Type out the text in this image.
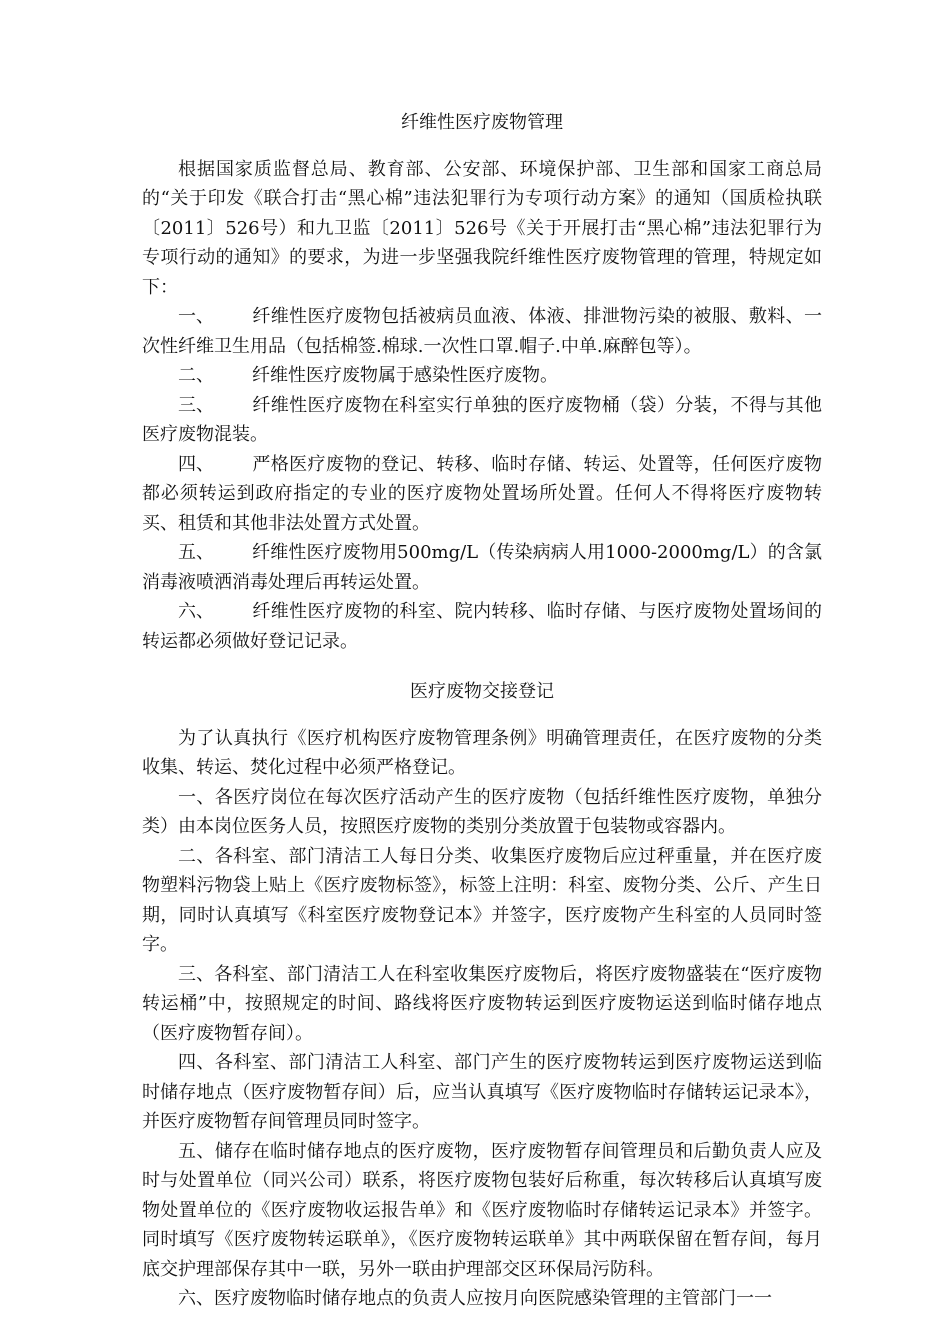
纤维性医疗废物管理

根据国家质监督总局、教育部、公安部、环境保护部、卫生部和国家工商总局的“关于印发《联合打击“黑心棉”违法犯罪行为专项行动方案》的通知（国质检执联〔2011〕526号）和九卫监〔2011〕526号《关于开展打击“黑心棉”违法犯罪行为专项行动的通知》的要求，为进一步坚强我院纤维性医疗废物管理的管理，特规定如下：

一、 纤维性医疗废物包括被病员血液、体液、排泄物污染的被服、敷料、一次性纤维卫生用品（包括棉签.棉球.一次性口罩.帽子.中单.麻醉包等）。

二、 纤维性医疗废物属于感染性医疗废物。

三、 纤维性医疗废物在科室实行单独的医疗废物桶（袋）分装，不得与其他医疗废物混装。

四、 严格医疗废物的登记、转移、临时存储、转运、处置等，任何医疗废物都必须转运到政府指定的专业的医疗废物处置场所处置。任何人不得将医疗废物转买、租赁和其他非法处置方式处置。

五、 纤维性医疗废物用500mg/L（传染病病人用1000-2000mg/L）的含氯消毒液喷洒消毒处理后再转运处置。

六、 纤维性医疗废物的科室、院内转移、临时存储、与医疗废物处置场间的转运都必须做好登记记录。

医疗废物交接登记

为了认真执行《医疗机构医疗废物管理条例》明确管理责任，在医疗废物的分类收集、转运、焚化过程中必须严格登记。

一、各医疗岗位在每次医疗活动产生的医疗废物（包括纤维性医疗废物，单独分类）由本岗位医务人员，按照医疗废物的类别分类放置于包装物或容器内。

二、各科室、部门清洁工人每日分类、收集医疗废物后应过秤重量，并在医疗废物塑料污物袋上贴上《医疗废物标签》，标签上注明：科室、废物分类、公斤、产生日期，同时认真填写《科室医疗废物登记本》并签字，医疗废物产生科室的人员同时签字。

三、各科室、部门清洁工人在科室收集医疗废物后，将医疗废物盛装在“医疗废物转运桶”中，按照规定的时间、路线将医疗废物转运到医疗废物运送到临时储存地点（医疗废物暂存间）。

四、各科室、部门清洁工人科室、部门产生的医疗废物转运到医疗废物运送到临时储存地点（医疗废物暂存间）后，应当认真填写《医疗废物临时存储转运记录本》，并医疗废物暂存间管理员同时签字。

五、储存在临时储存地点的医疗废物，医疗废物暂存间管理员和后勤负责人应及时与处置单位（同兴公司）联系，将医疗废物包装好后称重，每次转移后认真填写废物处置单位的《医疗废物收运报告单》和《医疗废物临时存储转运记录本》并签字。同时填写《医疗废物转运联单》，《医疗废物转运联单》其中两联保留在暂存间，每月底交护理部保存其中一联，另外一联由护理部交区环保局污防科。

六、医疗废物临时储存地点的负责人应按月向医院感染管理的主管部门一一
